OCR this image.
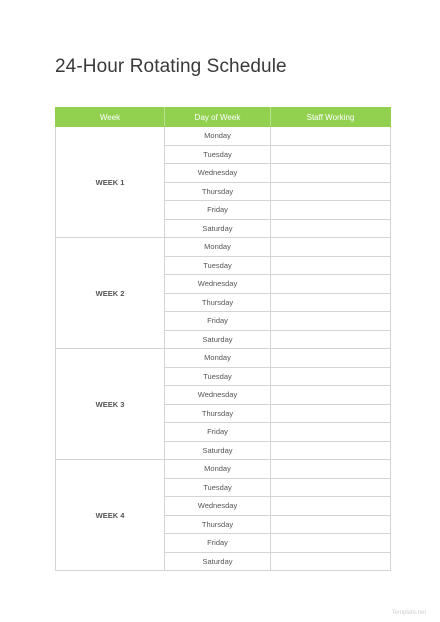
24-Hour Rotating Schedule
Week	Day of Week	Staff Working
WEEK 1	Monday	
	Tuesday	
	Wednesday	
	Thursday	
	Friday	
	Saturday	
WEEK 2	Monday	
	Tuesday	
	Wednesday	
	Thursday	
	Friday	
	Saturday	
WEEK 3	Monday	
	Tuesday	
	Wednesday	
	Thursday	
	Friday	
	Saturday	
WEEK 4	Monday	
	Tuesday	
	Wednesday	
	Thursday	
	Friday	
	Saturday	
Template.net
